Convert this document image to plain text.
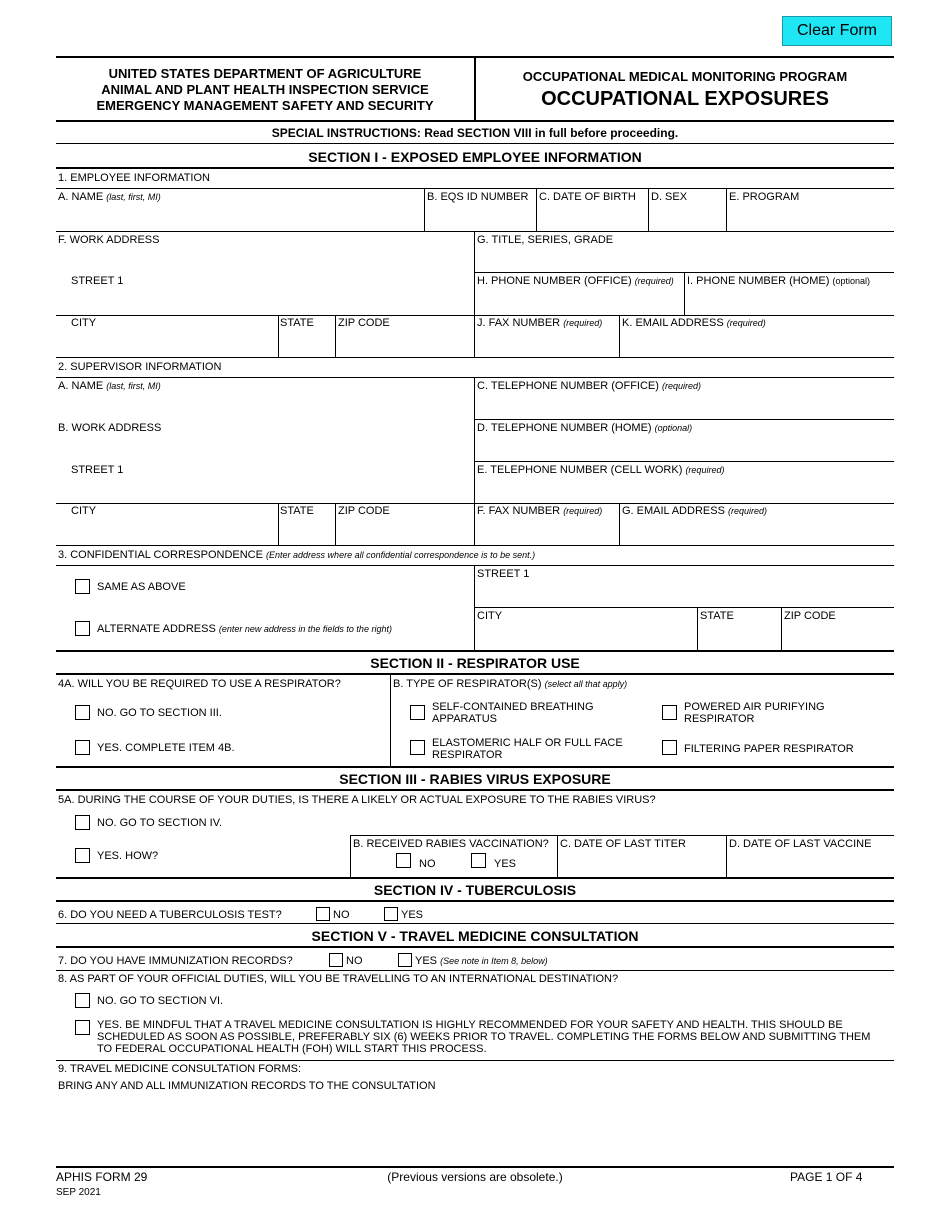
Clear Form
UNITED STATES DEPARTMENT OF AGRICULTURE
ANIMAL AND PLANT HEALTH INSPECTION SERVICE
EMERGENCY MANAGEMENT SAFETY AND SECURITY
OCCUPATIONAL MEDICAL MONITORING PROGRAM
OCCUPATIONAL EXPOSURES
SPECIAL INSTRUCTIONS: Read SECTION VIII in full before proceeding.
SECTION I - EXPOSED EMPLOYEE INFORMATION
1. EMPLOYEE INFORMATION
A. NAME (last, first, MI)	B. EQS ID NUMBER C. DATE OF BIRTH D. SEX	E. PROGRAM
F. WORK ADDRESS	G. TITLE, SERIES, GRADE
STREET 1	H. PHONE NUMBER (OFFICE) (required) I. PHONE NUMBER (HOME) (optional)
CITY	STATE ZIP CODE	J. FAX NUMBER (required) K. EMAIL ADDRESS (required)
2. SUPERVISOR INFORMATION
A. NAME (last, first, MI)	C. TELEPHONE NUMBER (OFFICE) (required)
B. WORK ADDRESS	D. TELEPHONE NUMBER (HOME) (optional)
STREET 1	E. TELEPHONE NUMBER (CELL WORK) (required)
CITY	STATE ZIP CODE	F. FAX NUMBER (required) G. EMAIL ADDRESS (required)
3. CONFIDENTIAL CORRESPONDENCE (Enter address where all confidential correspondence is to be sent.)
SAME AS ABOVE
ALTERNATE ADDRESS (enter new address in the fields to the right)
STREET 1
CITY	STATE	ZIP CODE
SECTION II - RESPIRATOR USE
4A. WILL YOU BE REQUIRED TO USE A RESPIRATOR?	B. TYPE OF RESPIRATOR(S) (select all that apply)
NO. GO TO SECTION III.
YES. COMPLETE ITEM 4B.
SELF-CONTAINED BREATHING
APPARATUS
POWERED AIR PURIFYING
RESPIRATOR
ELASTOMERIC HALF OR FULL FACE
RESPIRATOR	FILTERING PAPER RESPIRATOR
SECTION III - RABIES VIRUS EXPOSURE
5A. DURING THE COURSE OF YOUR DUTIES, IS THERE A LIKELY OR ACTUAL EXPOSURE TO THE RABIES VIRUS?
NO. GO TO SECTION IV.
YES. HOW?
B. RECEIVED RABIES VACCINATION?
NO	YES
C. DATE OF LAST TITER	D. DATE OF LAST VACCINE
SECTION IV - TUBERCULOSIS
6. DO YOU NEED A TUBERCULOSIS TEST?	NO	YES
SECTION V - TRAVEL MEDICINE CONSULTATION
7. DO YOU HAVE IMMUNIZATION RECORDS?	NO	YES (See note in Item 8, below)
8. AS PART OF YOUR OFFICIAL DUTIES, WILL YOU BE TRAVELLING TO AN INTERNATIONAL DESTINATION?
NO. GO TO SECTION VI.
YES. BE MINDFUL THAT A TRAVEL MEDICINE CONSULTATION IS HIGHLY RECOMMENDED FOR YOUR SAFETY AND HEALTH. THIS SHOULD BE
SCHEDULED AS SOON AS POSSIBLE, PREFERABLY SIX (6) WEEKS PRIOR TO TRAVEL. COMPLETING THE FORMS BELOW AND SUBMITTING THEM
TO FEDERAL OCCUPATIONAL HEALTH (FOH) WILL START THIS PROCESS.
9. TRAVEL MEDICINE CONSULTATION FORMS:
BRING ANY AND ALL IMMUNIZATION RECORDS TO THE CONSULTATION
APHIS FORM 29
SEP 2021
(Previous versions are obsolete.)	PAGE 1 OF 4
